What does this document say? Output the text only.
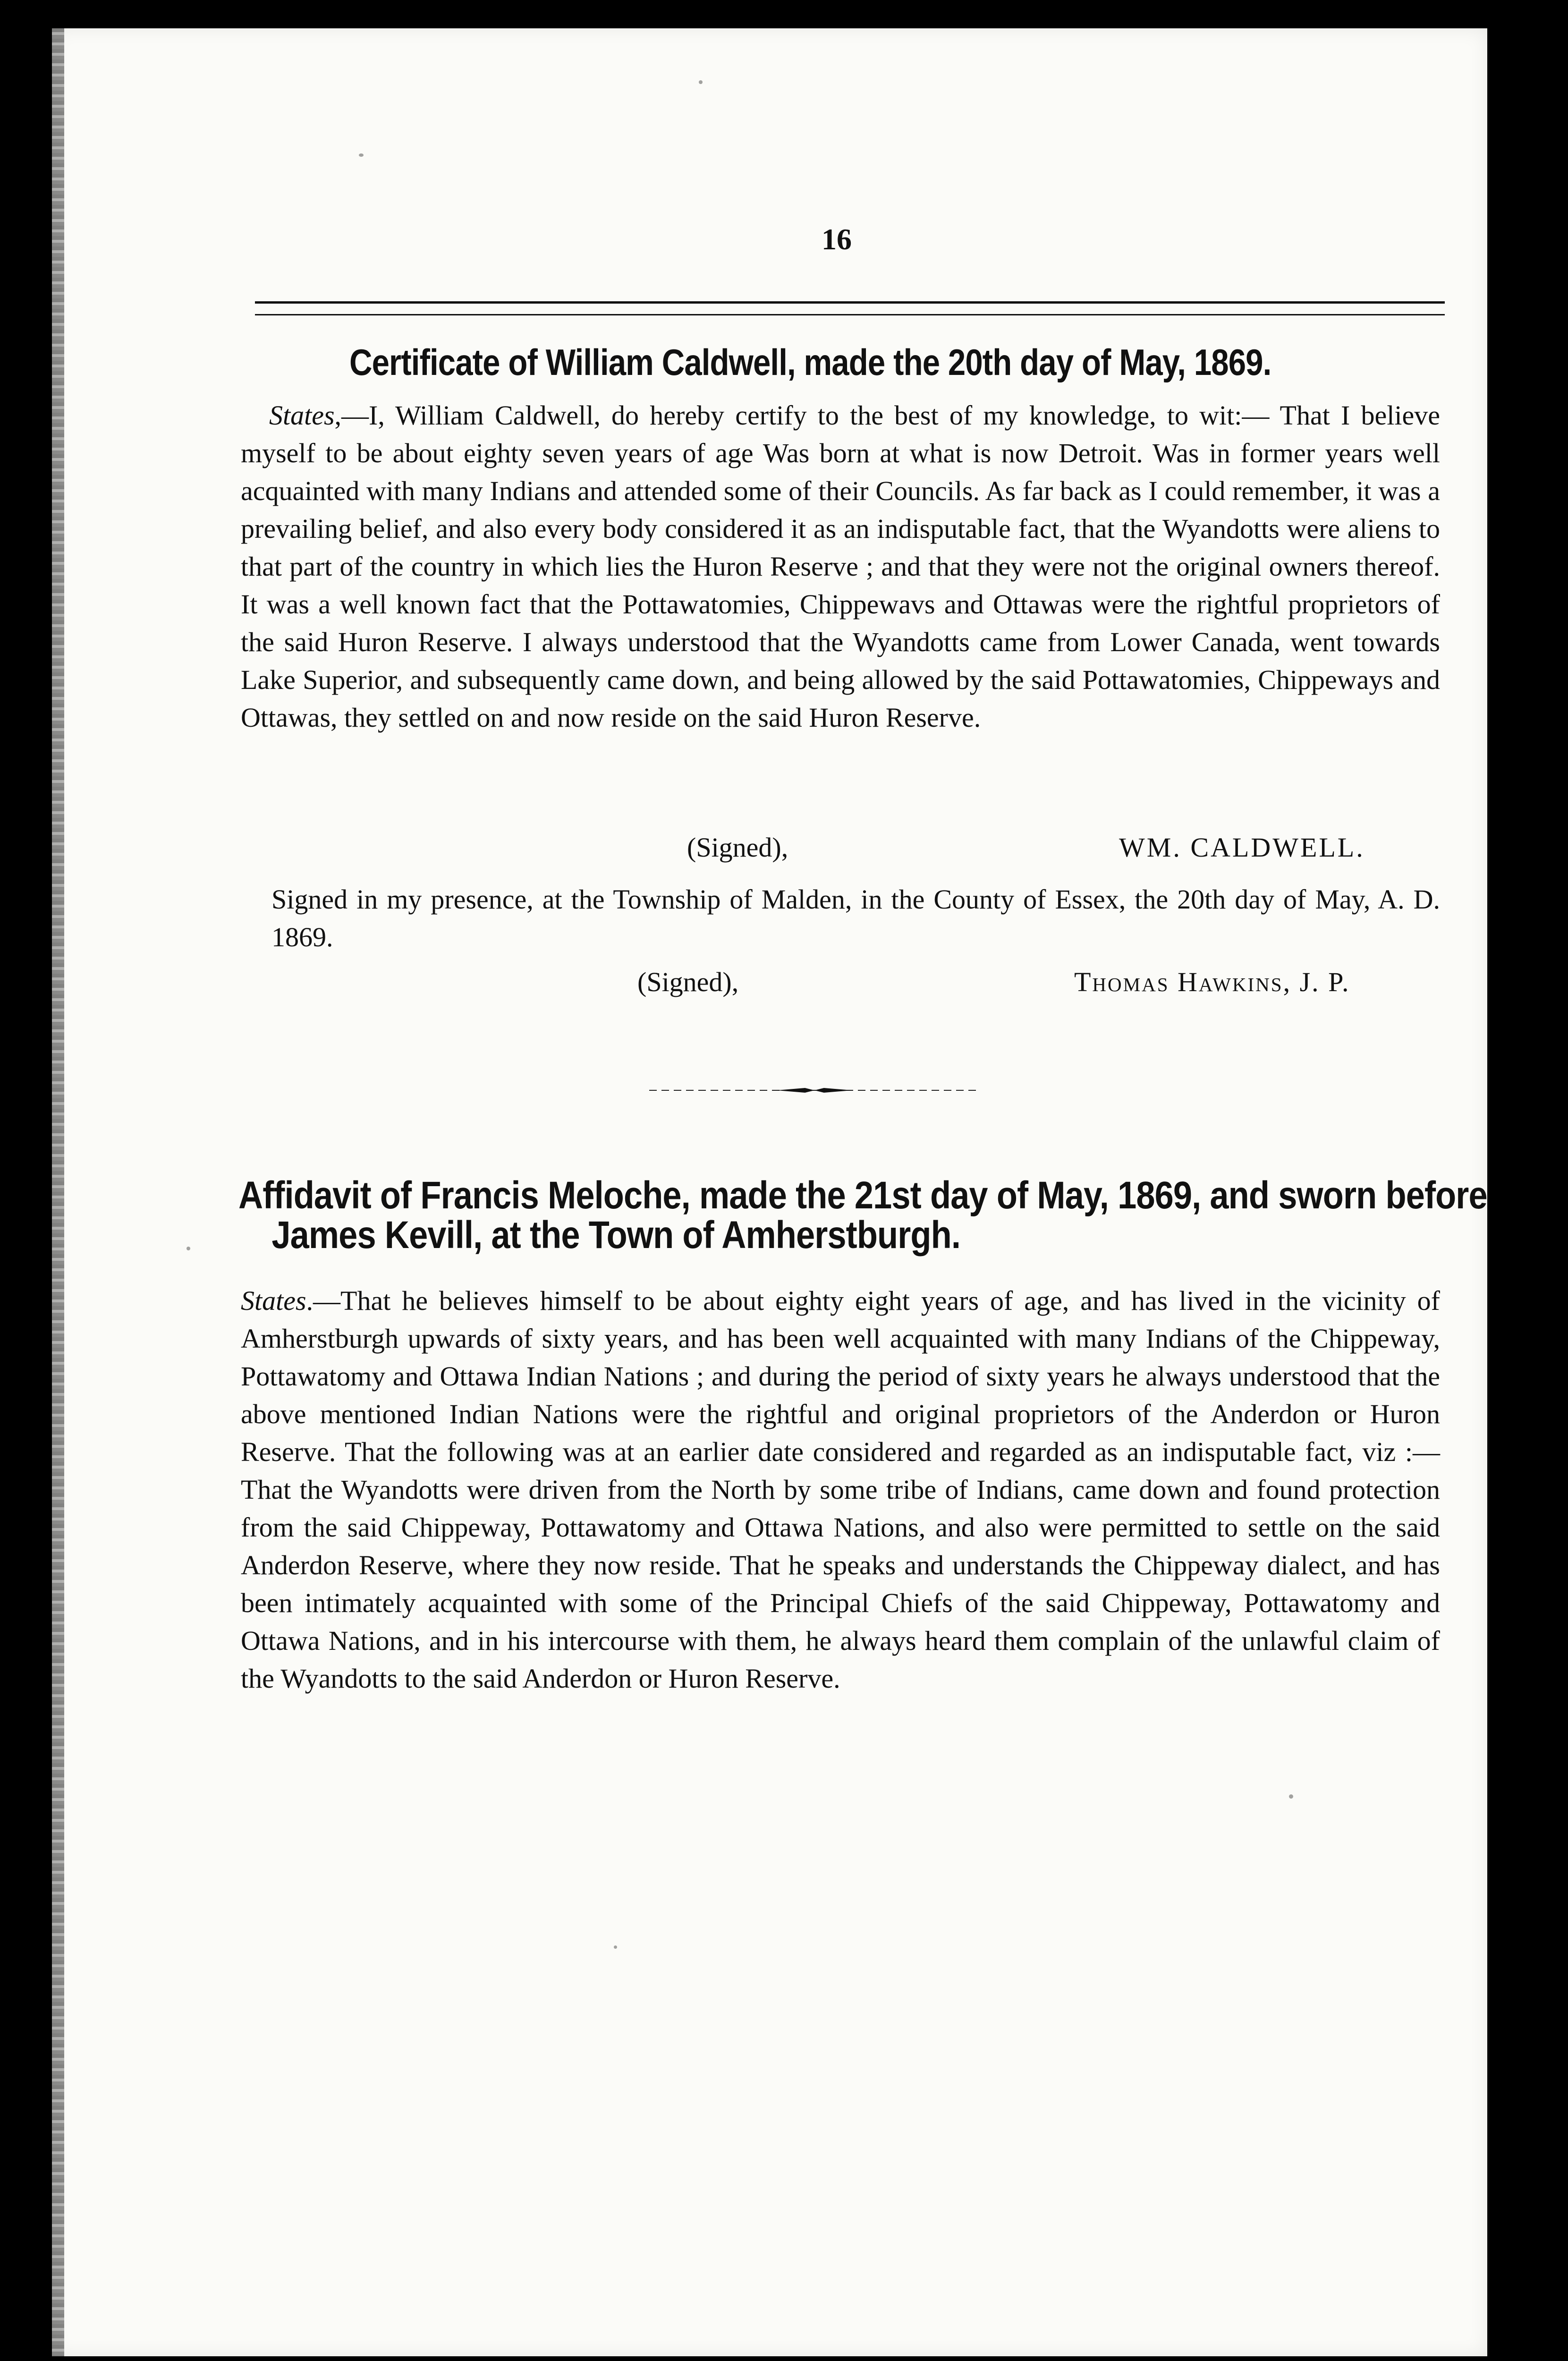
16
Certificate of William Caldwell, made the 20th day of May, 1869.
States,—I, William Caldwell, do hereby certify to the best of my knowledge, to wit:— That I believe myself to be about eighty seven years of age Was born at what is now Detroit. Was in former years well acquainted with many Indians and attended some of their Councils. As far back as I could remember, it was a prevailing belief, and also every body considered it as an indisputable fact, that the Wyandotts were aliens to that part of the country in which lies the Huron Reserve ; and that they were not the original owners thereof. It was a well known fact that the Pottawatomies, Chippewavs and Ottawas were the rightful proprietors of the said Huron Reserve. I always understood that the Wyandotts came from Lower Canada, went towards Lake Superior, and subsequently came down, and being allowed by the said Pottawatomies, Chippeways and Ottawas, they settled on and now reside on the said Huron Reserve.
(Signed),	WM. CALDWELL.
Signed in my presence, at the Township of Malden, in the County of Essex, the 20th day of May, A. D. 1869.
(Signed),	Thomas Hawkins, J. P.
Affidavit of Francis Meloche, made the 21st day of May, 1869, and sworn before
James Kevill, at the Town of Amherstburgh.
States.—That he believes himself to be about eighty eight years of age, and has lived in the vicinity of Amherstburgh upwards of sixty years, and has been well acquainted with many Indians of the Chippeway, Pottawatomy and Ottawa Indian Nations ; and during the period of sixty years he always understood that the above mentioned Indian Nations were the rightful and original proprietors of the Anderdon or Huron Reserve. That the following was at an earlier date considered and regarded as an indisputable fact, viz :—That the Wyandotts were driven from the North by some tribe of Indians, came down and found protection from the said Chippeway, Pottawatomy and Ottawa Nations, and also were permitted to settle on the said Anderdon Reserve, where they now reside. That he speaks and understands the Chippeway dialect, and has been intimately acquainted with some of the Principal Chiefs of the said Chippeway, Pottawatomy and Ottawa Nations, and in his intercourse with them, he always heard them complain of the unlawful claim of the Wyandotts to the said Anderdon or Huron Reserve.
